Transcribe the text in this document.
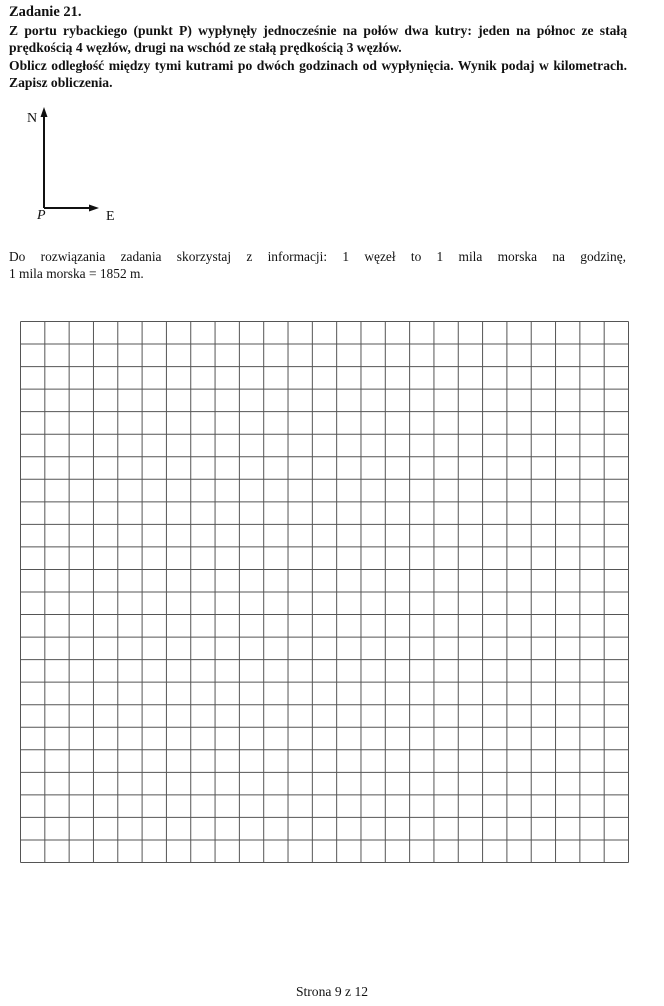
Zadanie 21.

Z portu rybackiego (punkt P) wypłynęły jednocześnie na połów dwa kutry: jeden na północ ze stałą prędkością 4 węzłów, drugi na wschód ze stałą prędkością 3 węzłów.

Oblicz odległość między tymi kutrami po dwóch godzinach od wypłynięcia. Wynik podaj w kilometrach. Zapisz obliczenia.

N
P	E
Do rozwiązania zadania skorzystaj z informacji: 1 węzeł to 1 mila morska na godzinę,
1 mila morska = 1852 m.
Strona 9 z 12
